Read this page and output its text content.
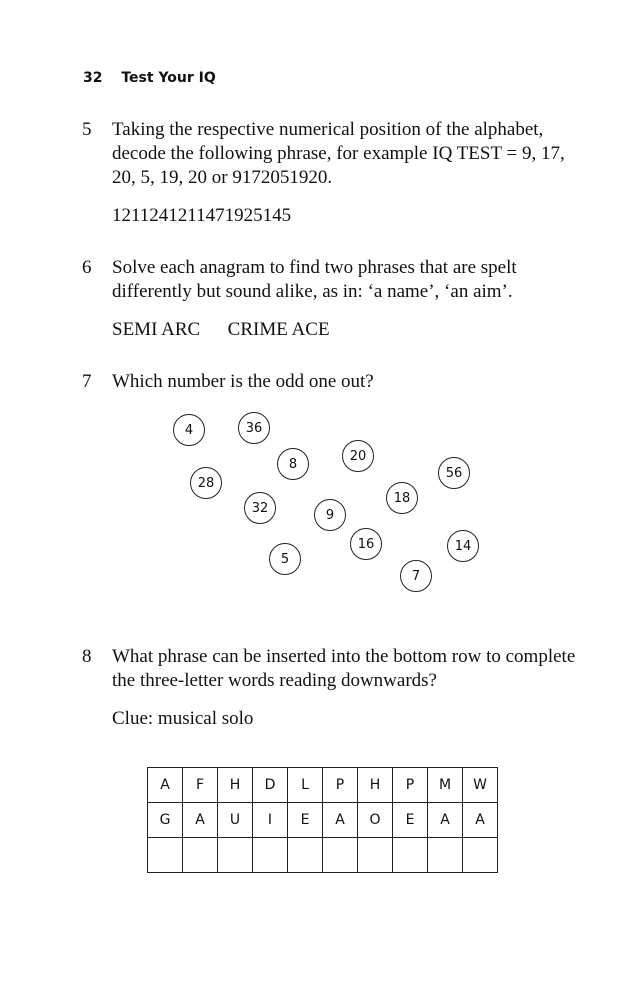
32 Test Your IQ
5	Taking the respective numerical position of the alphabet, decode the following phrase, for example IQ TEST = 9, 17, 20, 5, 19, 20 or 9172051920.
1211241211471925145
6	Solve each anagram to find two phrases that are spelt differently but sound alike, as in: ‘a name’, ‘an aim’.
SEMI ARC CRIME ACE
7	Which number is the odd one out?
4	36
8
20
56
28
18
32	9
16	14
5
7
8	What phrase can be inserted into the bottom row to complete the three-letter words reading downwards?
Clue: musical solo
A	F	H	D	L	P	H	P	M	W
G	A	U	I	E	A	O	E	A	A
